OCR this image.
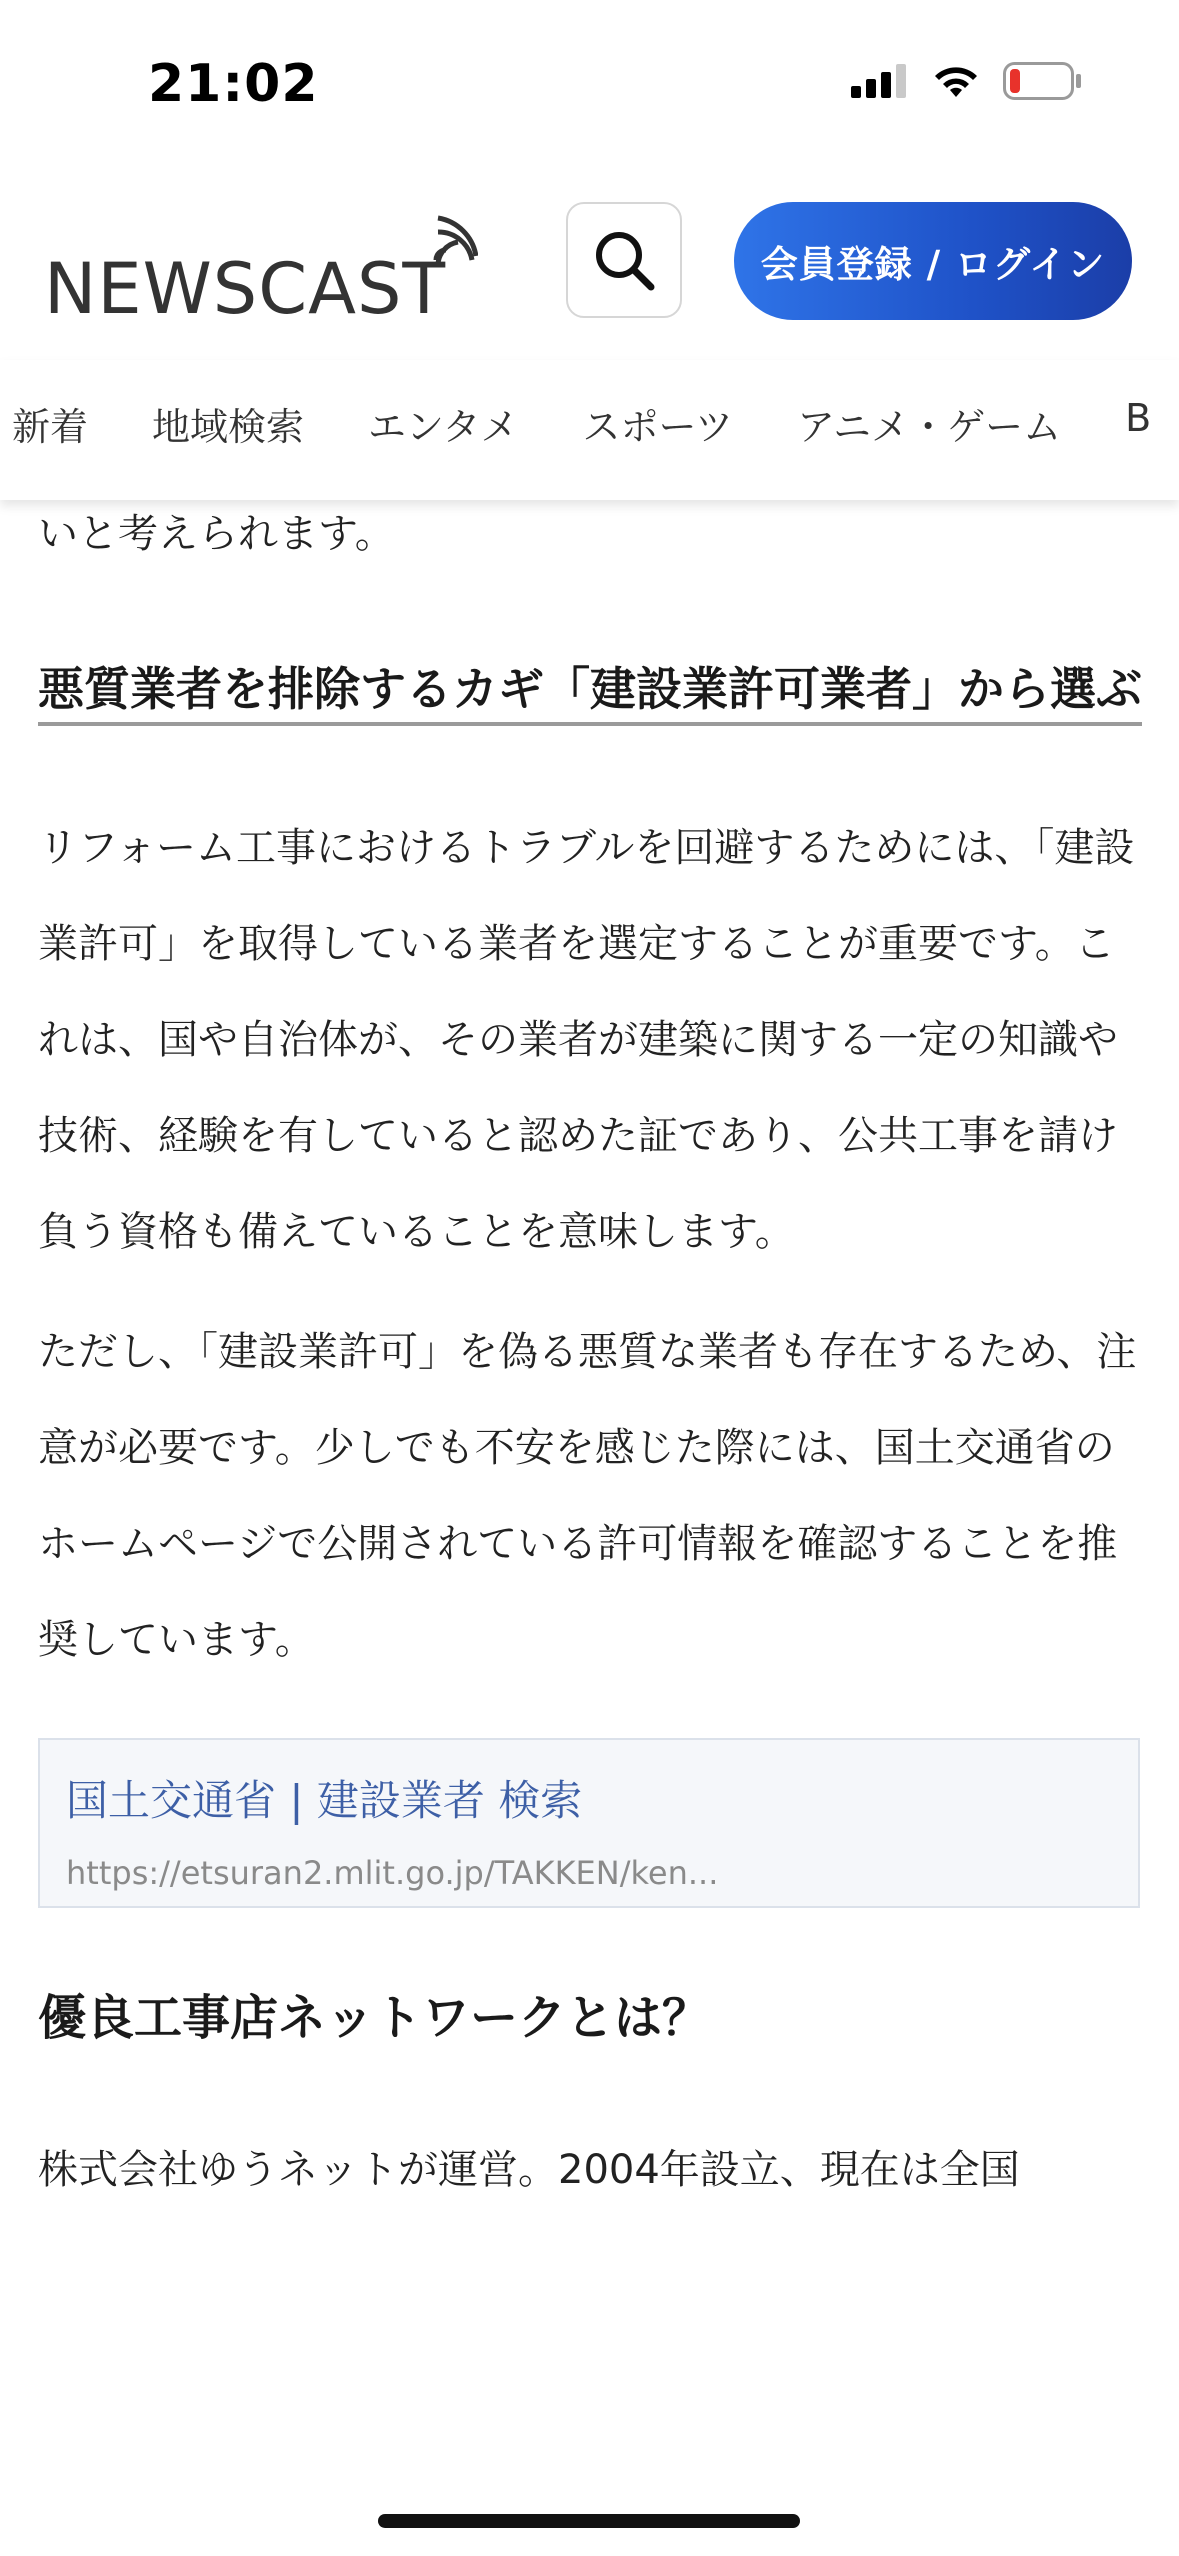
21:02
NEWSCAST	会員登録 / ログイン
新着 地域検索 エンタメ スポーツ アニメ・ゲーム B

いと考えられます。

悪質業者を排除するカギ「建設業許可業者」から選ぶ

リフォーム工事におけるトラブルを回避するためには、「建設業許可」を取得している業者を選定することが重要です。これは、国や自治体が、その業者が建築に関する一定の知識や技術、経験を有していると認めた証であり、公共工事を請け負う資格も備えていることを意味します。

ただし、「建設業許可」を偽る悪質な業者も存在するため、注意が必要です。少しでも不安を感じた際には、国土交通省のホームページで公開されている許可情報を確認することを推奨しています。

国土交通省 | 建設業者 検索
https://etsuran2.mlit.go.jp/TAKKEN/ken...
優良工事店ネットワークとは？
株式会社ゆうネットが運営。2004年設立、現在は全国
